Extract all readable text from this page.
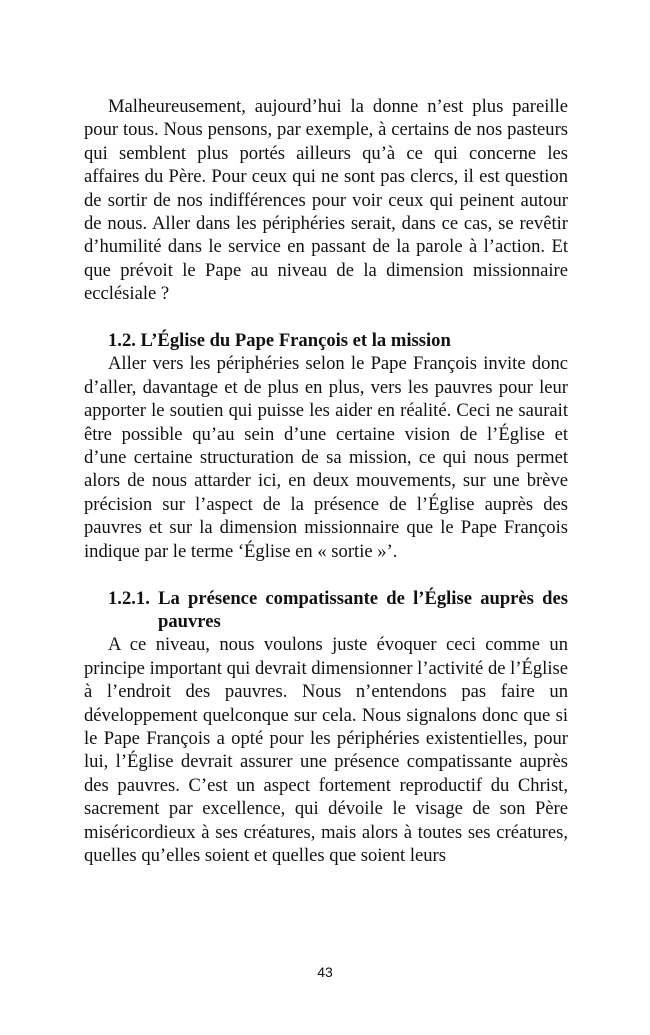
Malheureusement, aujourd’hui la donne n’est plus pareille pour tous. Nous pensons, par exemple, à certains de nos pasteurs qui semblent plus portés ailleurs qu’à ce qui concerne les affaires du Père. Pour ceux qui ne sont pas clercs, il est question de sortir de nos indifférences pour voir ceux qui peinent autour de nous. Aller dans les périphéries serait, dans ce cas, se revêtir d’humilité dans le service en passant de la parole à l’action. Et que prévoit le Pape au niveau de la dimension missionnaire ecclésiale ?

1.2. L’Église du Pape François et la mission

Aller vers les périphéries selon le Pape François invite donc d’aller, davantage et de plus en plus, vers les pauvres pour leur apporter le soutien qui puisse les aider en réalité. Ceci ne saurait être possible qu’au sein d’une certaine vision de l’Église et d’une certaine structuration de sa mission, ce qui nous permet alors de nous attarder ici, en deux mouvements, sur une brève précision sur l’aspect de la présence de l’Église auprès des pauvres et sur la dimension missionnaire que le Pape François indique par le terme ‘Église en « sortie »’.

1.2.1. La présence compatissante de l’Église auprès des pauvres

A ce niveau, nous voulons juste évoquer ceci comme un principe important qui devrait dimensionner l’activité de l’Église à l’endroit des pauvres. Nous n’entendons pas faire un développement quelconque sur cela. Nous signalons donc que si le Pape François a opté pour les périphéries existentielles, pour lui, l’Église devrait assurer une présence compatissante auprès des pauvres. C’est un aspect fortement reproductif du Christ, sacrement par excellence, qui dévoile le visage de son Père miséricordieux à ses créatures, mais alors à toutes ses créatures, quelles qu’elles soient et quelles que soient leurs

43
